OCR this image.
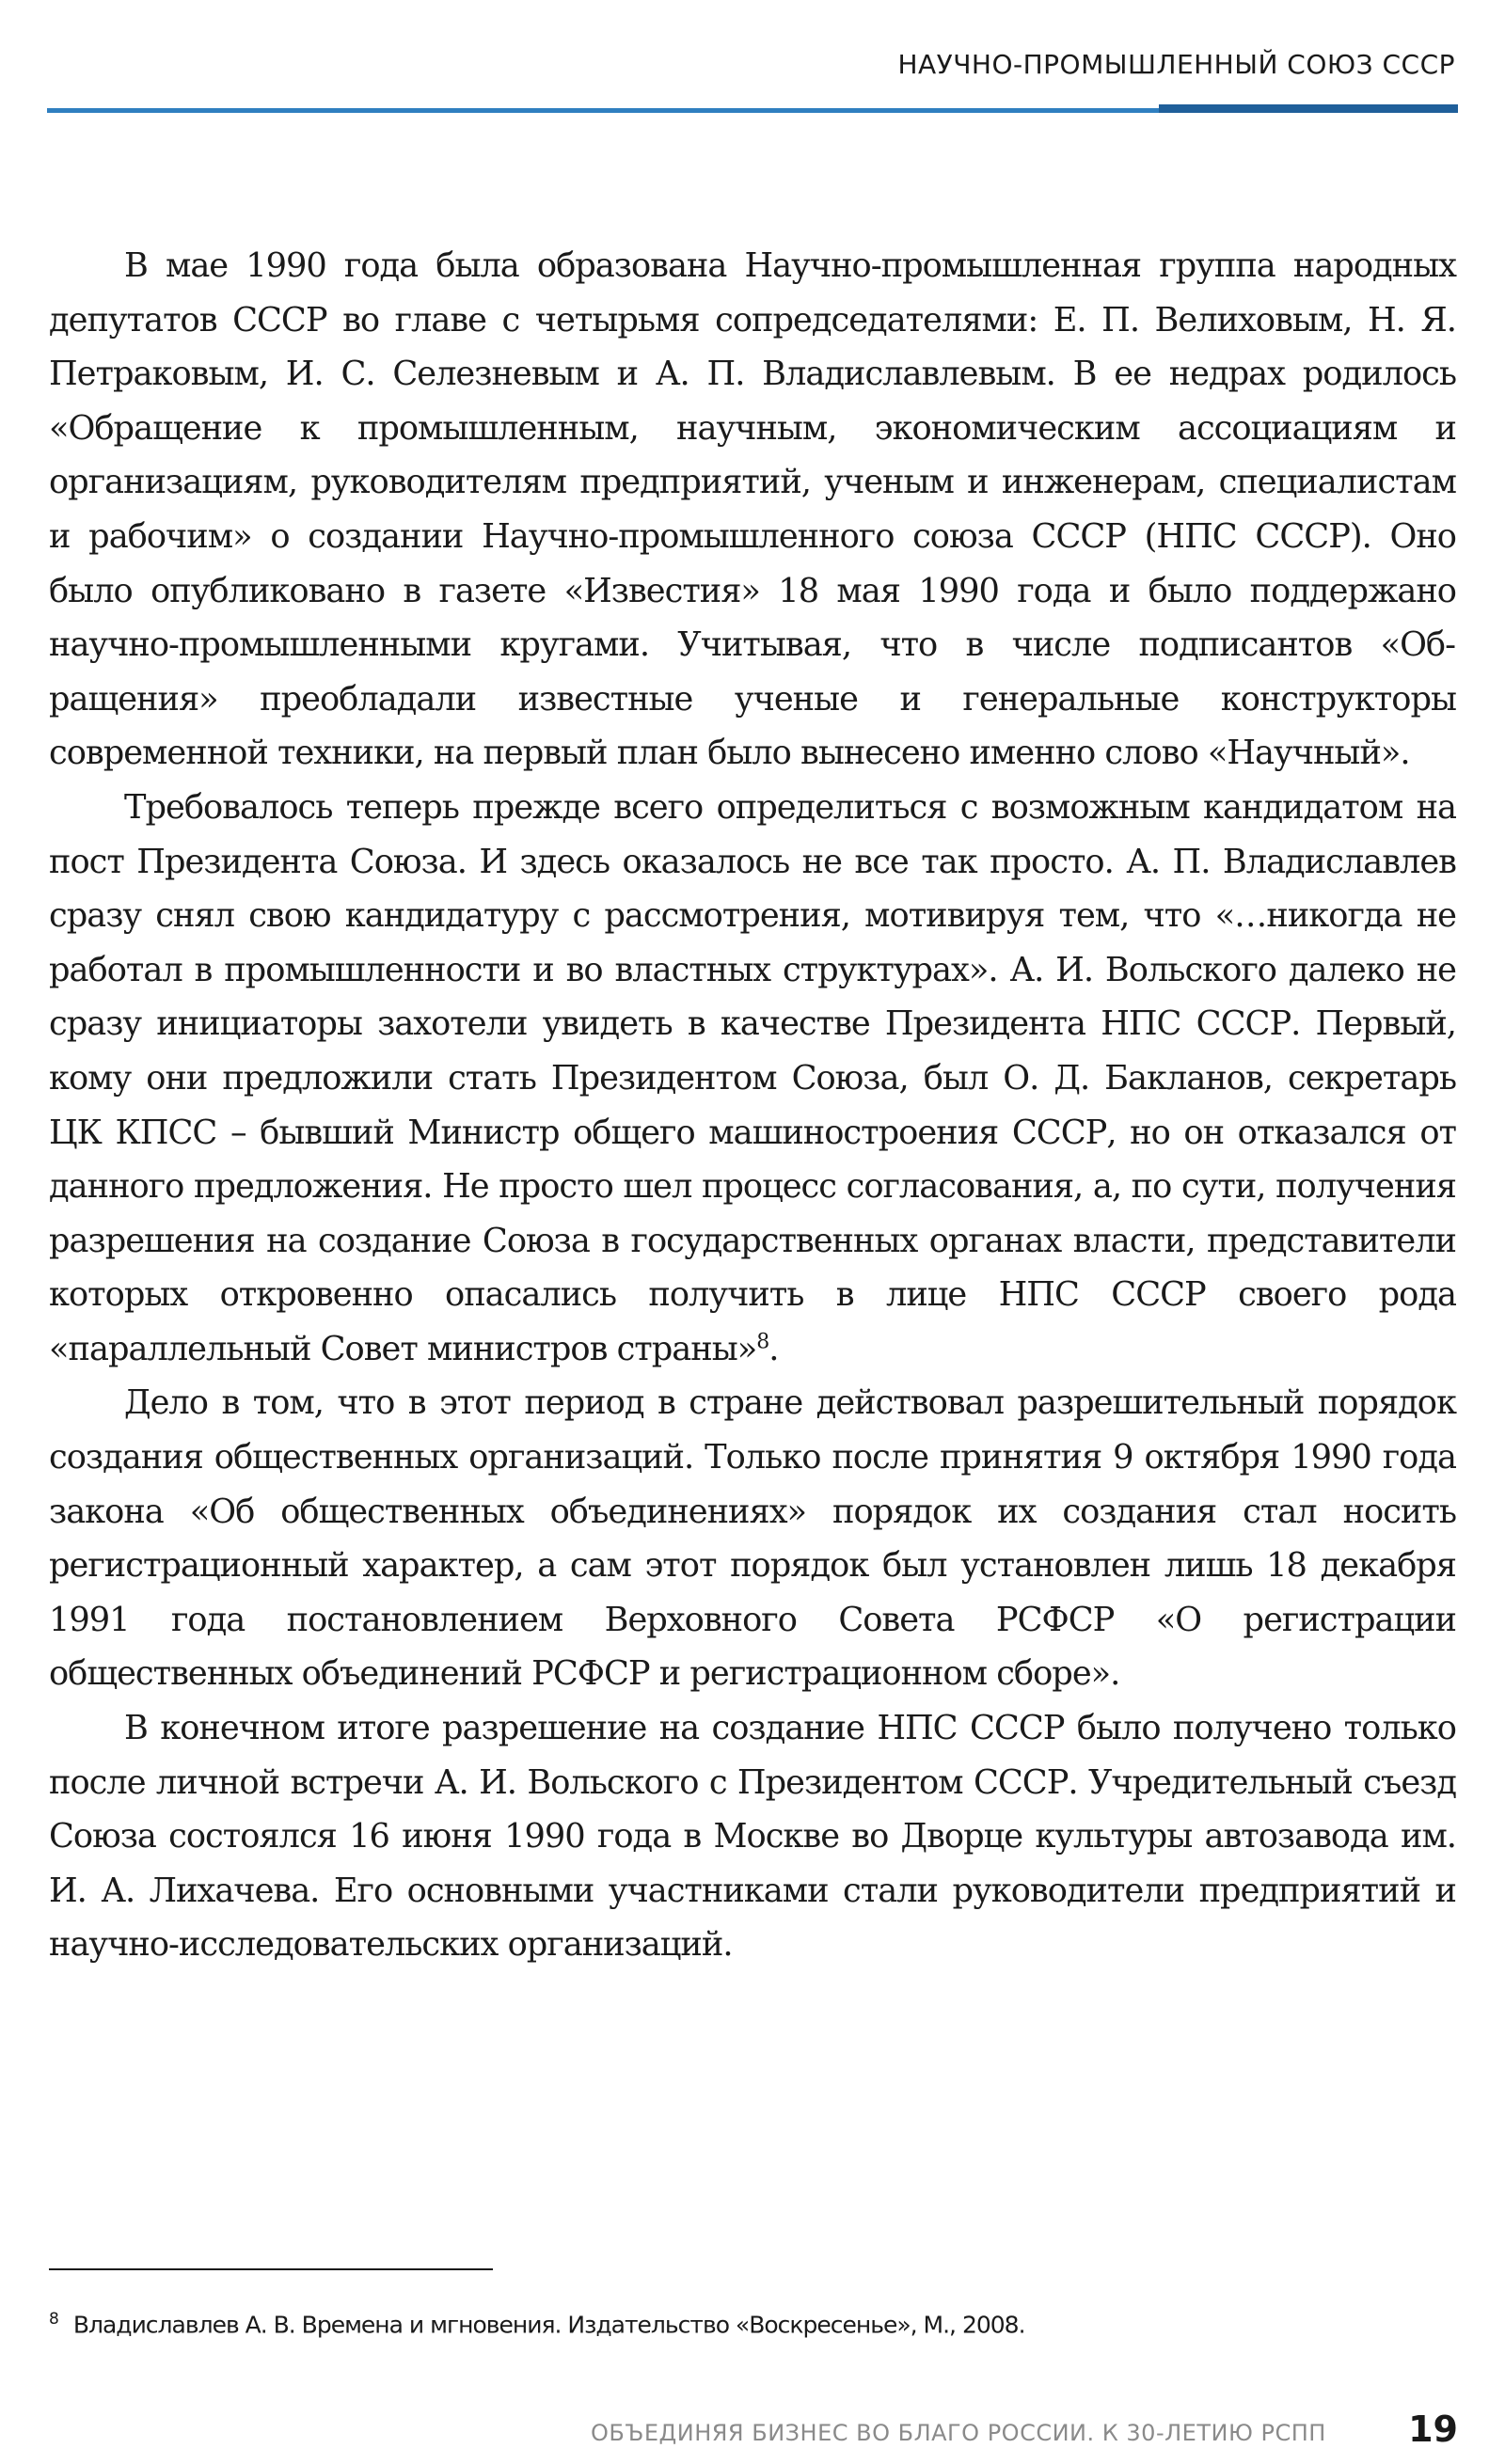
НАУЧНО-ПРОМЫШЛЕННЫЙ СОЮЗ СССР

В мае 1990 года была образована Научно-промышленная группа народных депутатов СССР во главе с четырьмя сопредседателями: Е. П. Велиховым, Н. Я. Петраковым, И. С. Селезневым и А. П. Владиславлевым. В ее недрах родилось «Обращение к промышленным, научным, экономическим ассоциациям и организациям, руководителям предприятий, ученым и инженерам, специалистам и рабочим» о создании Научно-промышленного союза СССР (НПС СССР). Оно было опубликовано в газете «Известия» 18 мая 1990 года и было поддержано научно-промышленными кругами. Учитывая, что в числе подписантов «Обращения» преобладали известные ученые и генеральные конструкторы современной техники, на первый план было вынесено именно слово «Научный».

Требовалось теперь прежде всего определиться с возможным кандидатом на пост Президента Союза. И здесь оказалось не все так просто. А. П. Владиславлев сразу снял свою кандидатуру с рассмотрения, мотивируя тем, что «…никогда не работал в промышленности и во властных структурах». А. И. Вольского далеко не сразу инициаторы захотели увидеть в качестве Президента НПС СССР. Первый, кому они предложили стать Президентом Союза, был О. Д. Бакланов, секретарь ЦК КПСС – бывший Министр общего машиностроения СССР, но он отказался от данного предложения. Не просто шел процесс согласования, а, по сути, получения разрешения на создание Союза в государственных органах власти, представители которых откровенно опасались получить в лице НПС СССР своего рода «параллельный Совет министров страны»$^8$.

Дело в том, что в этот период в стране действовал разрешительный порядок создания общественных организаций. Только после принятия 9 октября 1990 года закона «Об общественных объединениях» порядок их создания стал носить регистрационный характер, а сам этот порядок был установлен лишь 18 декабря 1991 года постановлением Верховного Совета РСФСР «О регистрации общественных объединений РСФСР и регистрационном сборе».

В конечном итоге разрешение на создание НПС СССР было получено только после личной встречи А. И. Вольского с Президентом СССР. Учредительный съезд Союза состоялся 16 июня 1990 года в Москве во Дворце культуры автозавода им. И. А. Лихачева. Его основными участниками стали руководители предприятий и научно-исследовательских организаций.

$^8$ Владиславлев А. В. Времена и мгновения. Издательство «Воскресенье», М., 2008.
ОБЪЕДИНЯЯ БИЗНЕС ВО БЛАГО РОССИИ. К 30-ЛЕТИЮ РСПП 19
